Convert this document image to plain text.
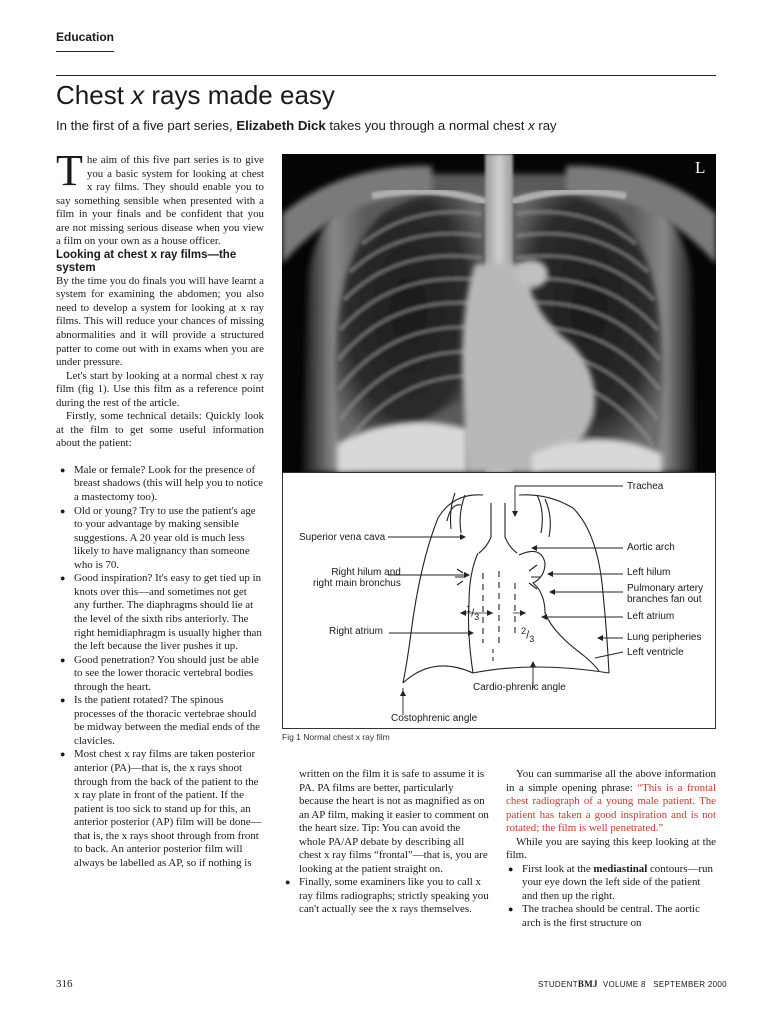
Education
Chest x rays made easy
In the first of a five part series, Elizabeth Dick takes you through a normal chest x ray

The aim of this five part series is to give you a basic system for looking at chest x ray films. They should enable you to say something sensible when presented with a film in your finals and be confident that you are not missing serious disease when you view a film on your own as a house officer.

Looking at chest x ray films—the system

By the time you do finals you will have learnt a system for examining the abdomen; you also need to develop a system for looking at x ray films. This will reduce your chances of missing abnormalities and it will provide a structured patter to come out with in exams when you are under pressure.

Let's start by looking at a normal chest x ray film (fig 1). Use this film as a reference point during the rest of the article.

Firstly, some technical details: Quickly look at the film to get some useful information about the patient:

● Male or female? Look for the presence of breast shadows (this will help you to notice a mastectomy too).
● Old or young? Try to use the patient's age to your advantage by making sensible suggestions. A 20 year old is much less likely to have malignancy than someone who is 70.
● Good inspiration? It's easy to get tied up in knots over this—and sometimes not get any further. The diaphragms should lie at the level of the sixth ribs anteriorly. The right hemidiaphragm is usually higher than the left because the liver pushes it up.
● Good penetration? You should just be able to see the lower thoracic vertebral bodies through the heart.
● Is the patient rotated? The spinous processes of the thoracic vertebrae should be midway between the medial ends of the clavicles.
● Most chest x ray films are taken posterior anterior (PA)—that is, the x rays shoot through from the back of the patient to the x ray plate in front of the patient. If the patient is too sick to stand up for this, an anterior posterior (AP) film will be done—that is, the x rays shoot through from front to back. An anterior posterior film will always be labelled as AP, so if nothing is
L
Trachea
Superior vena cava
Aortic arch
Right hilum and
right main bronchus
Left hilum
Pulmonary artery
branches fan out
Left atrium
Right atrium
Lung peripheries
Left ventricle
Cardio-phrenic angle
Costophrenic angle
$^1/_3$
$^2/_3$
Fig 1 Normal chest x ray film

written on the film it is safe to assume it is PA. PA films are better, particularly because the heart is not as magnified as on an AP film, making it easier to comment on the heart size. Tip: You can avoid the whole PA/AP debate by describing all chest x ray films “frontal”—that is, you are looking at the patient straight on.

● Finally, some examiners like you to call x ray films radiographs; strictly speaking you can't actually see the x rays themselves.

You can summarise all the above information in a simple opening phrase: “This is a frontal chest radiograph of a young male patient. The patient has taken a good inspiration and is not rotated; the film is well penetrated.”

While you are saying this keep looking at the film.

● First look at the mediastinal contours—run your eye down the left side of the patient and then up the right.
● The trachea should be central. The aortic arch is the first structure on
316	STUDENTBMJ  VOLUME 8   SEPTEMBER 2000
